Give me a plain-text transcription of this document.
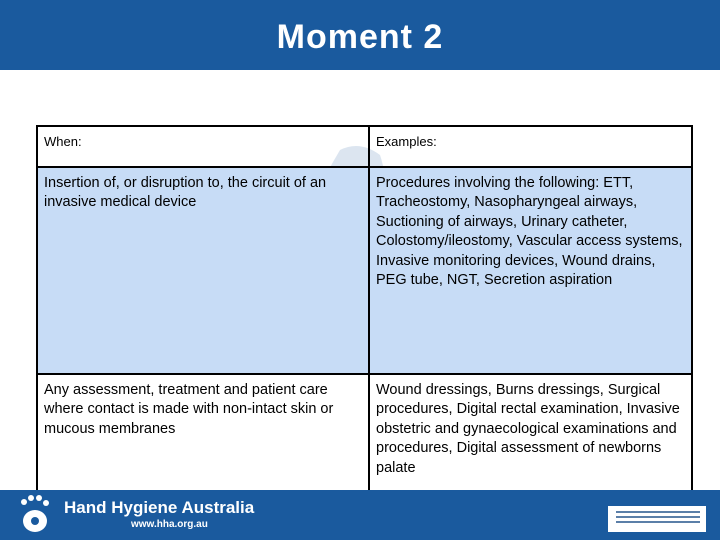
Moment 2
When:	Examples:
Insertion of, or disruption to, the circuit of an invasive medical device	Procedures involving the following: ETT, Tracheostomy, Nasopharyngeal airways, Suctioning of airways, Urinary catheter, Colostomy/ileostomy, Vascular access systems, Invasive monitoring devices, Wound drains, PEG tube, NGT, Secretion aspiration
Any assessment, treatment and patient care where contact is made with non-intact skin or mucous membranes	Wound dressings, Burns dressings, Surgical procedures, Digital rectal examination, Invasive obstetric and gynaecological examinations and procedures, Digital assessment of newborns palate
Hand Hygiene Australia
www.hha.org.au
